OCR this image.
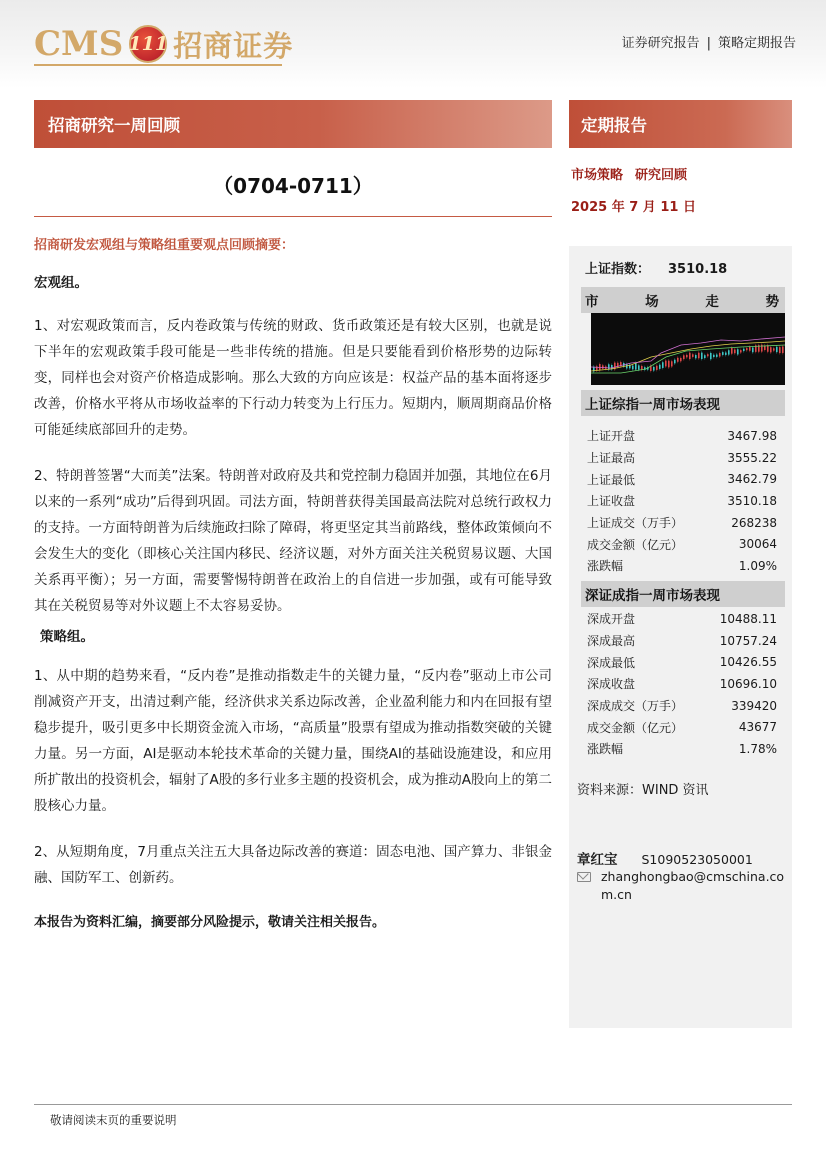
CMS 111 招商证券	证券研究报告 | 策略定期报告
招商研究一周回顾
（0704-0711）
招商研发宏观组与策略组重要观点回顾摘要：
宏观组。
1、对宏观政策而言，反内卷政策与传统的财政、货币政策还是有较大区别，也就是说下半年的宏观政策手段可能是一些非传统的措施。但是只要能看到价格形势的边际转变，同样也会对资产价格造成影响。那么大致的方向应该是：权益产品的基本面将逐步改善，价格水平将从市场收益率的下行动力转变为上行压力。短期内，顺周期商品价格可能延续底部回升的走势。
2、特朗普签署“大而美”法案。特朗普对政府及共和党控制力稳固并加强，其地位在6月以来的一系列“成功”后得到巩固。司法方面，特朗普获得美国最高法院对总统行政权力的支持。一方面特朗普为后续施政扫除了障碍，将更坚定其当前路线，整体政策倾向不会发生大的变化（即核心关注国内移民、经济议题，对外方面关注关税贸易议题、大国关系再平衡）；另一方面，需要警惕特朗普在政治上的自信进一步加强，或有可能导致其在关税贸易等对外议题上不太容易妥协。
策略组。
1、从中期的趋势来看，“反内卷”是推动指数走牛的关键力量，“反内卷”驱动上市公司削减资产开支，出清过剩产能，经济供求关系边际改善，企业盈利能力和内在回报有望稳步提升，吸引更多中长期资金流入市场，“高质量”股票有望成为推动指数突破的关键力量。另一方面，AI是驱动本轮技术革命的关键力量，围绕AI的基础设施建设，和应用所扩散出的投资机会，辐射了A股的多行业多主题的投资机会，成为推动A股向上的第二股核心力量。
2、从短期角度，7月重点关注五大具备边际改善的赛道：固态电池、国产算力、非银金融、国防军工、创新药。
本报告为资料汇编，摘要部分风险提示，敬请关注相关报告。
定期报告
市场策略 研究回顾
2025 年 7 月 11 日
上证指数： 3510.18
市	场	走	势
上证综指一周市场表现
上证开盘	3467.98
上证最高	3555.22
上证最低	3462.79
上证收盘	3510.18
上证成交（万手）	268238
成交金额（亿元）	30064
涨跌幅	1.09%
深证成指一周市场表现
深成开盘	10488.11
深成最高	10757.24
深成最低	10426.55
深成收盘	10696.10
深成成交（万手）	339420
成交金额（亿元）	43677
涨跌幅	1.78%
资料来源：WIND 资讯
章红宝 S1090523050001
zhanghongbao@cmschina.com.cn
敬请阅读末页的重要说明
